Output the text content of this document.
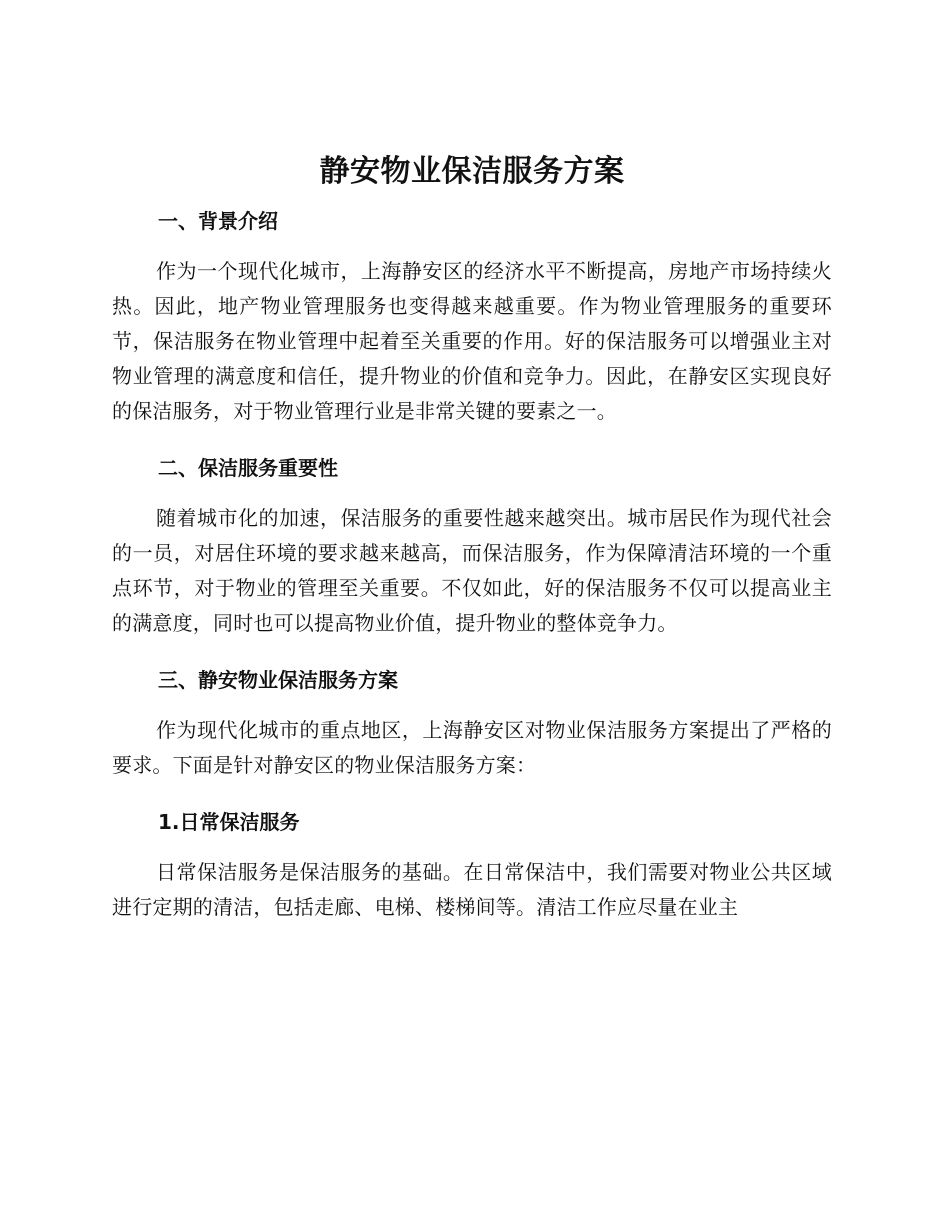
静安物业保洁服务方案
一、背景介绍

作为一个现代化城市，上海静安区的经济水平不断提高，房地产市场持续火热。因此，地产物业管理服务也变得越来越重要。作为物业管理服务的重要环节，保洁服务在物业管理中起着至关重要的作用。好的保洁服务可以增强业主对物业管理的满意度和信任，提升物业的价值和竞争力。因此，在静安区实现良好的保洁服务，对于物业管理行业是非常关键的要素之一。

二、保洁服务重要性

随着城市化的加速，保洁服务的重要性越来越突出。城市居民作为现代社会的一员，对居住环境的要求越来越高，而保洁服务，作为保障清洁环境的一个重点环节，对于物业的管理至关重要。不仅如此，好的保洁服务不仅可以提高业主的满意度，同时也可以提高物业价值，提升物业的整体竞争力。

三、静安物业保洁服务方案

作为现代化城市的重点地区，上海静安区对物业保洁服务方案提出了严格的要求。下面是针对静安区的物业保洁服务方案：

1.日常保洁服务

日常保洁服务是保洁服务的基础。在日常保洁中，我们需要对物业公共区域进行定期的清洁，包括走廊、电梯、楼梯间等。清洁工作应尽量在业主
